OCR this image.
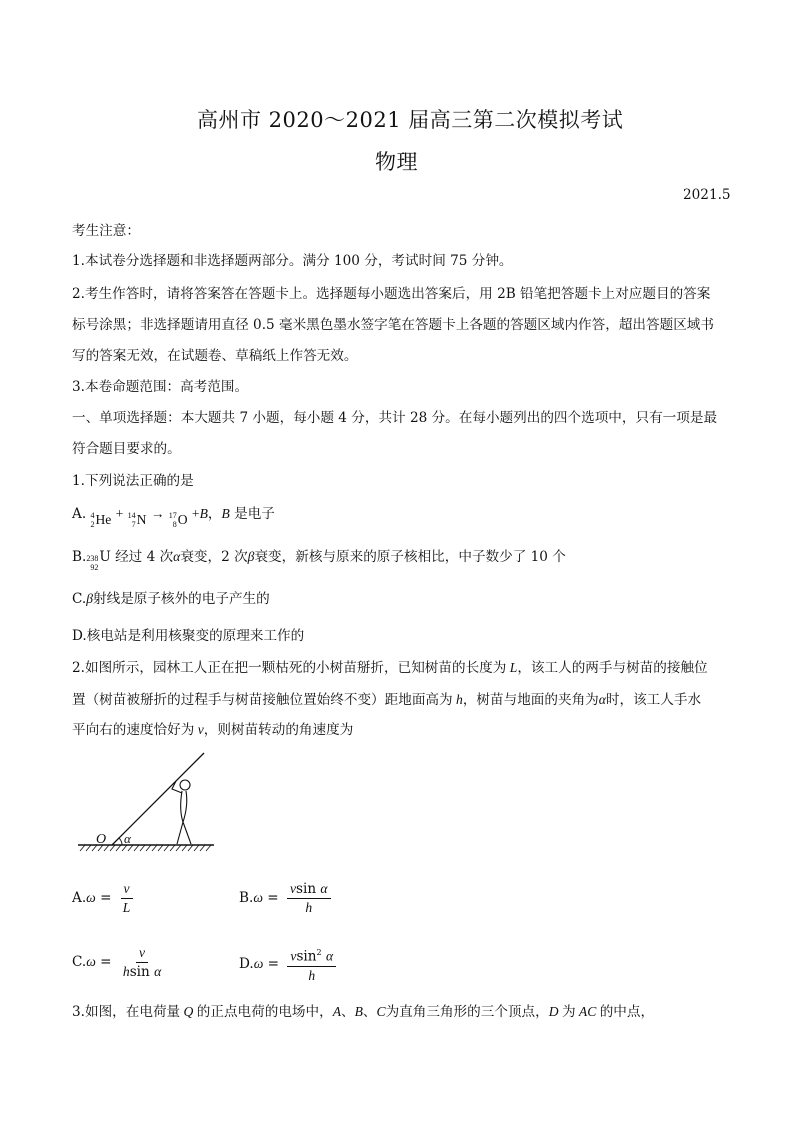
高州市 2020～2021 届高三第二次模拟考试
物理
2021.5
考生注意：
1.本试卷分选择题和非选择题两部分。满分 100 分，考试时间 75 分钟。
2.考生作答时，请将答案答在答题卡上。选择题每小题选出答案后，用 2B 铅笔把答题卡上对应题目的答案
标号涂黑；非选择题请用直径 0.5 毫米黑色墨水签字笔在答题卡上各题的答题区域内作答，超出答题区域书
写的答案无效，在试题卷、草稿纸上作答无效。
3.本卷命题范围：高考范围。
一、单项选择题：本大题共 7 小题，每小题 4 分，共计 28 分。在每小题列出的四个选项中，只有一项是最
符合题目要求的。
1.下列说法正确的是
A. 4
2 He + 14
7 N → 17
8 O +B，B 是电子
B. 238
92
U 经过 4 次α衰变，2 次β衰变，新核与原来的原子核相比，中子数少了 10 个
C.β射线是原子核外的电子产生的
D.核电站是利用核聚变的原理来工作的
2.如图所示，园林工人正在把一颗枯死的小树苗掰折，已知树苗的长度为 L，该工人的两手与树苗的接触位
置（树苗被掰折的过程手与树苗接触位置始终不变）距地面高为 h，树苗与地面的夹角为α时，该工人手水
平向右的速度恰好为 v，则树苗转动的角速度为
O α
$A.\omega = \frac{v}{L}$	$B.\omega = \frac{\text{vsin α}}{h}$
$C.\omega = \frac{v}{\text{hsin α}}$	$D.\omega = \frac{vsin^2 \alpha}{h}$
3.如图，在电荷量 Q 的正点电荷的电场中，A、B、C为直角三角形的三个顶点，D 为 AC 的中点，
